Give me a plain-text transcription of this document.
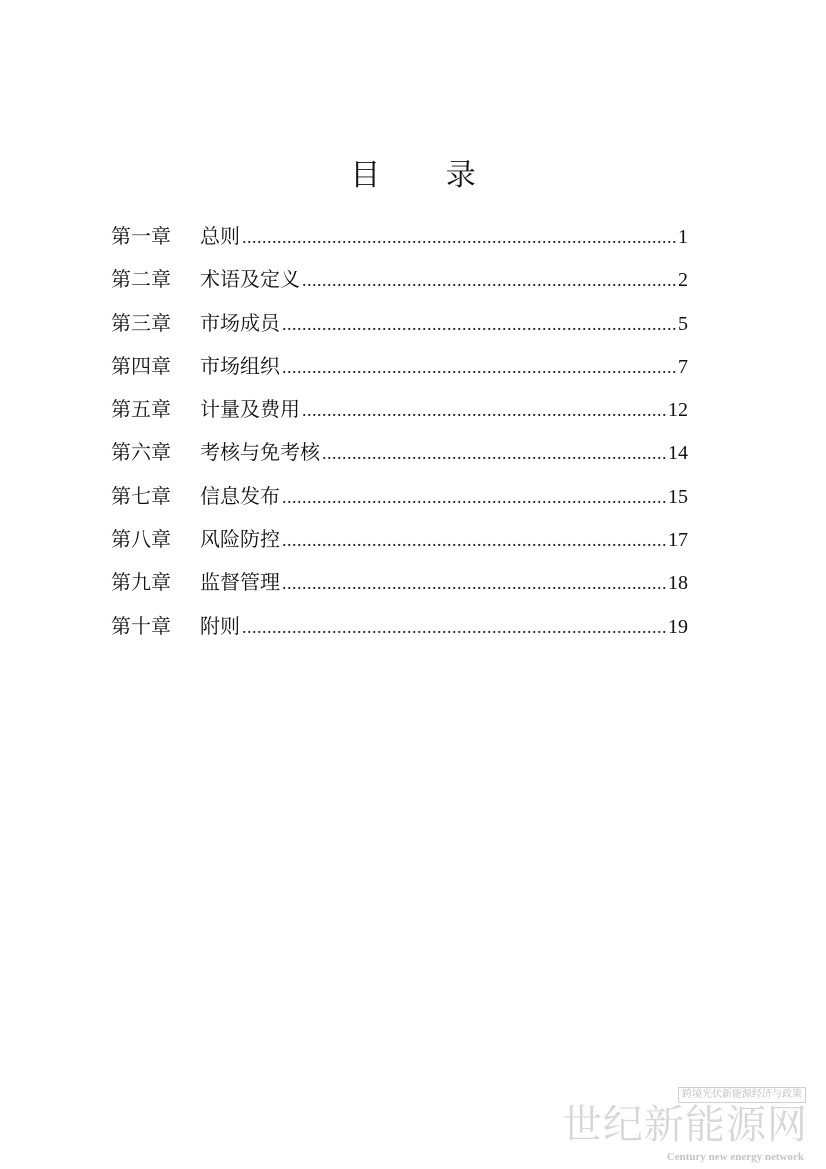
目 录
第一章	总则 .....	1
第二章	术语及定义 .....	2
第三章	市场成员 .....	5
第四章	市场组织 .....	7
第五章	计量及费用 .....	12
第六章	考核与免考核 .....	14
第七章	信息发布 .....	15
第八章	风险防控 .....	17
第九章	监督管理 .....	18
第十章	附则 .....	19
跨境光伏新能源经济与政策
世纪新能源网
Century new energy network
